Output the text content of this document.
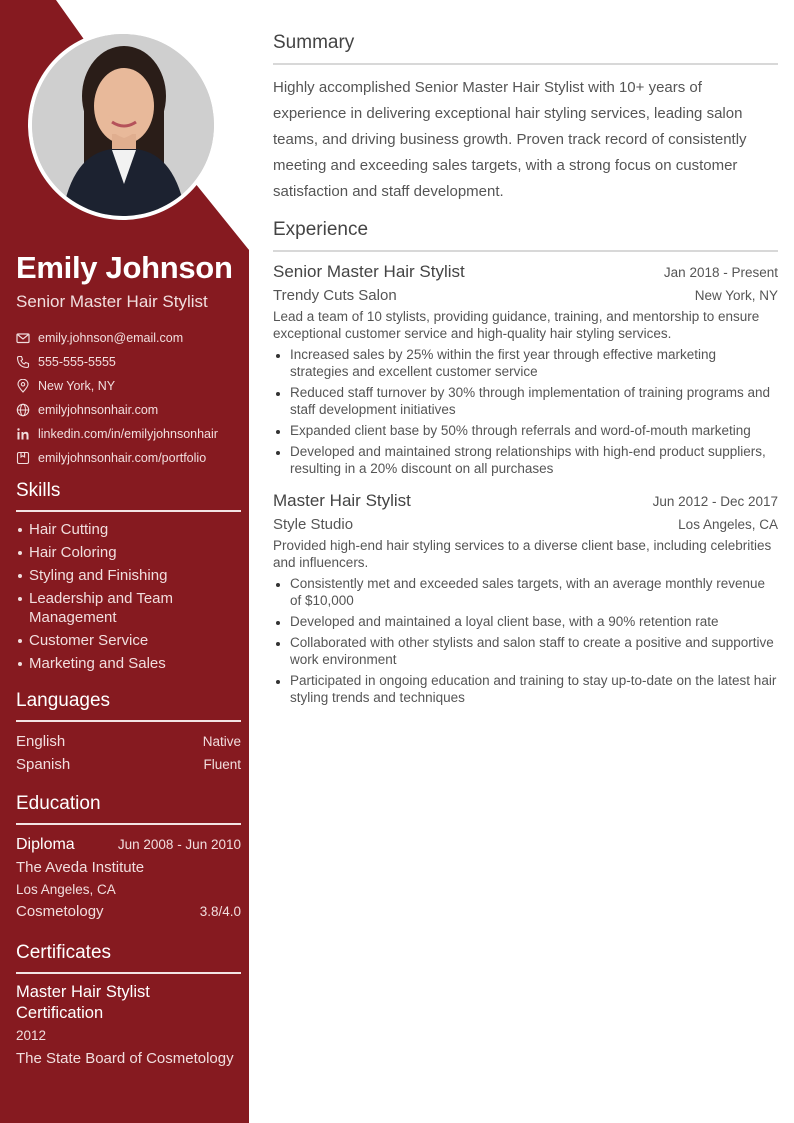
Emily Johnson
Senior Master Hair Stylist
emily.johnson@email.com
555-555-5555
New York, NY
emilyjohnsonhair.com
linkedin.com/in/emilyjohnsonhair
emilyjohnsonhair.com/portfolio
Skills
Hair Cutting
Hair Coloring
Styling and Finishing
Leadership and Team Management
Customer Service
Marketing and Sales
Languages
English	Native
Spanish	Fluent
Education
Diploma	Jun 2008 - Jun 2010
The Aveda Institute
Los Angeles, CA
Cosmetology	3.8/4.0
Certificates
Master Hair Stylist Certification
2012
The State Board of Cosmetology
Summary
Highly accomplished Senior Master Hair Stylist with 10+ years of experience in delivering exceptional hair styling services, leading salon teams, and driving business growth. Proven track record of consistently meeting and exceeding sales targets, with a strong focus on customer satisfaction and staff development.
Experience
Senior Master Hair Stylist	Jan 2018 - Present
Trendy Cuts Salon	New York, NY
Lead a team of 10 stylists, providing guidance, training, and mentorship to ensure exceptional customer service and high-quality hair styling services.
Increased sales by 25% within the first year through effective marketing strategies and excellent customer service
Reduced staff turnover by 30% through implementation of training programs and staff development initiatives
Expanded client base by 50% through referrals and word-of-mouth marketing
Developed and maintained strong relationships with high-end product suppliers, resulting in a 20% discount on all purchases
Master Hair Stylist	Jun 2012 - Dec 2017
Style Studio	Los Angeles, CA
Provided high-end hair styling services to a diverse client base, including celebrities and influencers.
Consistently met and exceeded sales targets, with an average monthly revenue of $10,000
Developed and maintained a loyal client base, with a 90% retention rate
Collaborated with other stylists and salon staff to create a positive and supportive work environment
Participated in ongoing education and training to stay up-to-date on the latest hair styling trends and techniques
